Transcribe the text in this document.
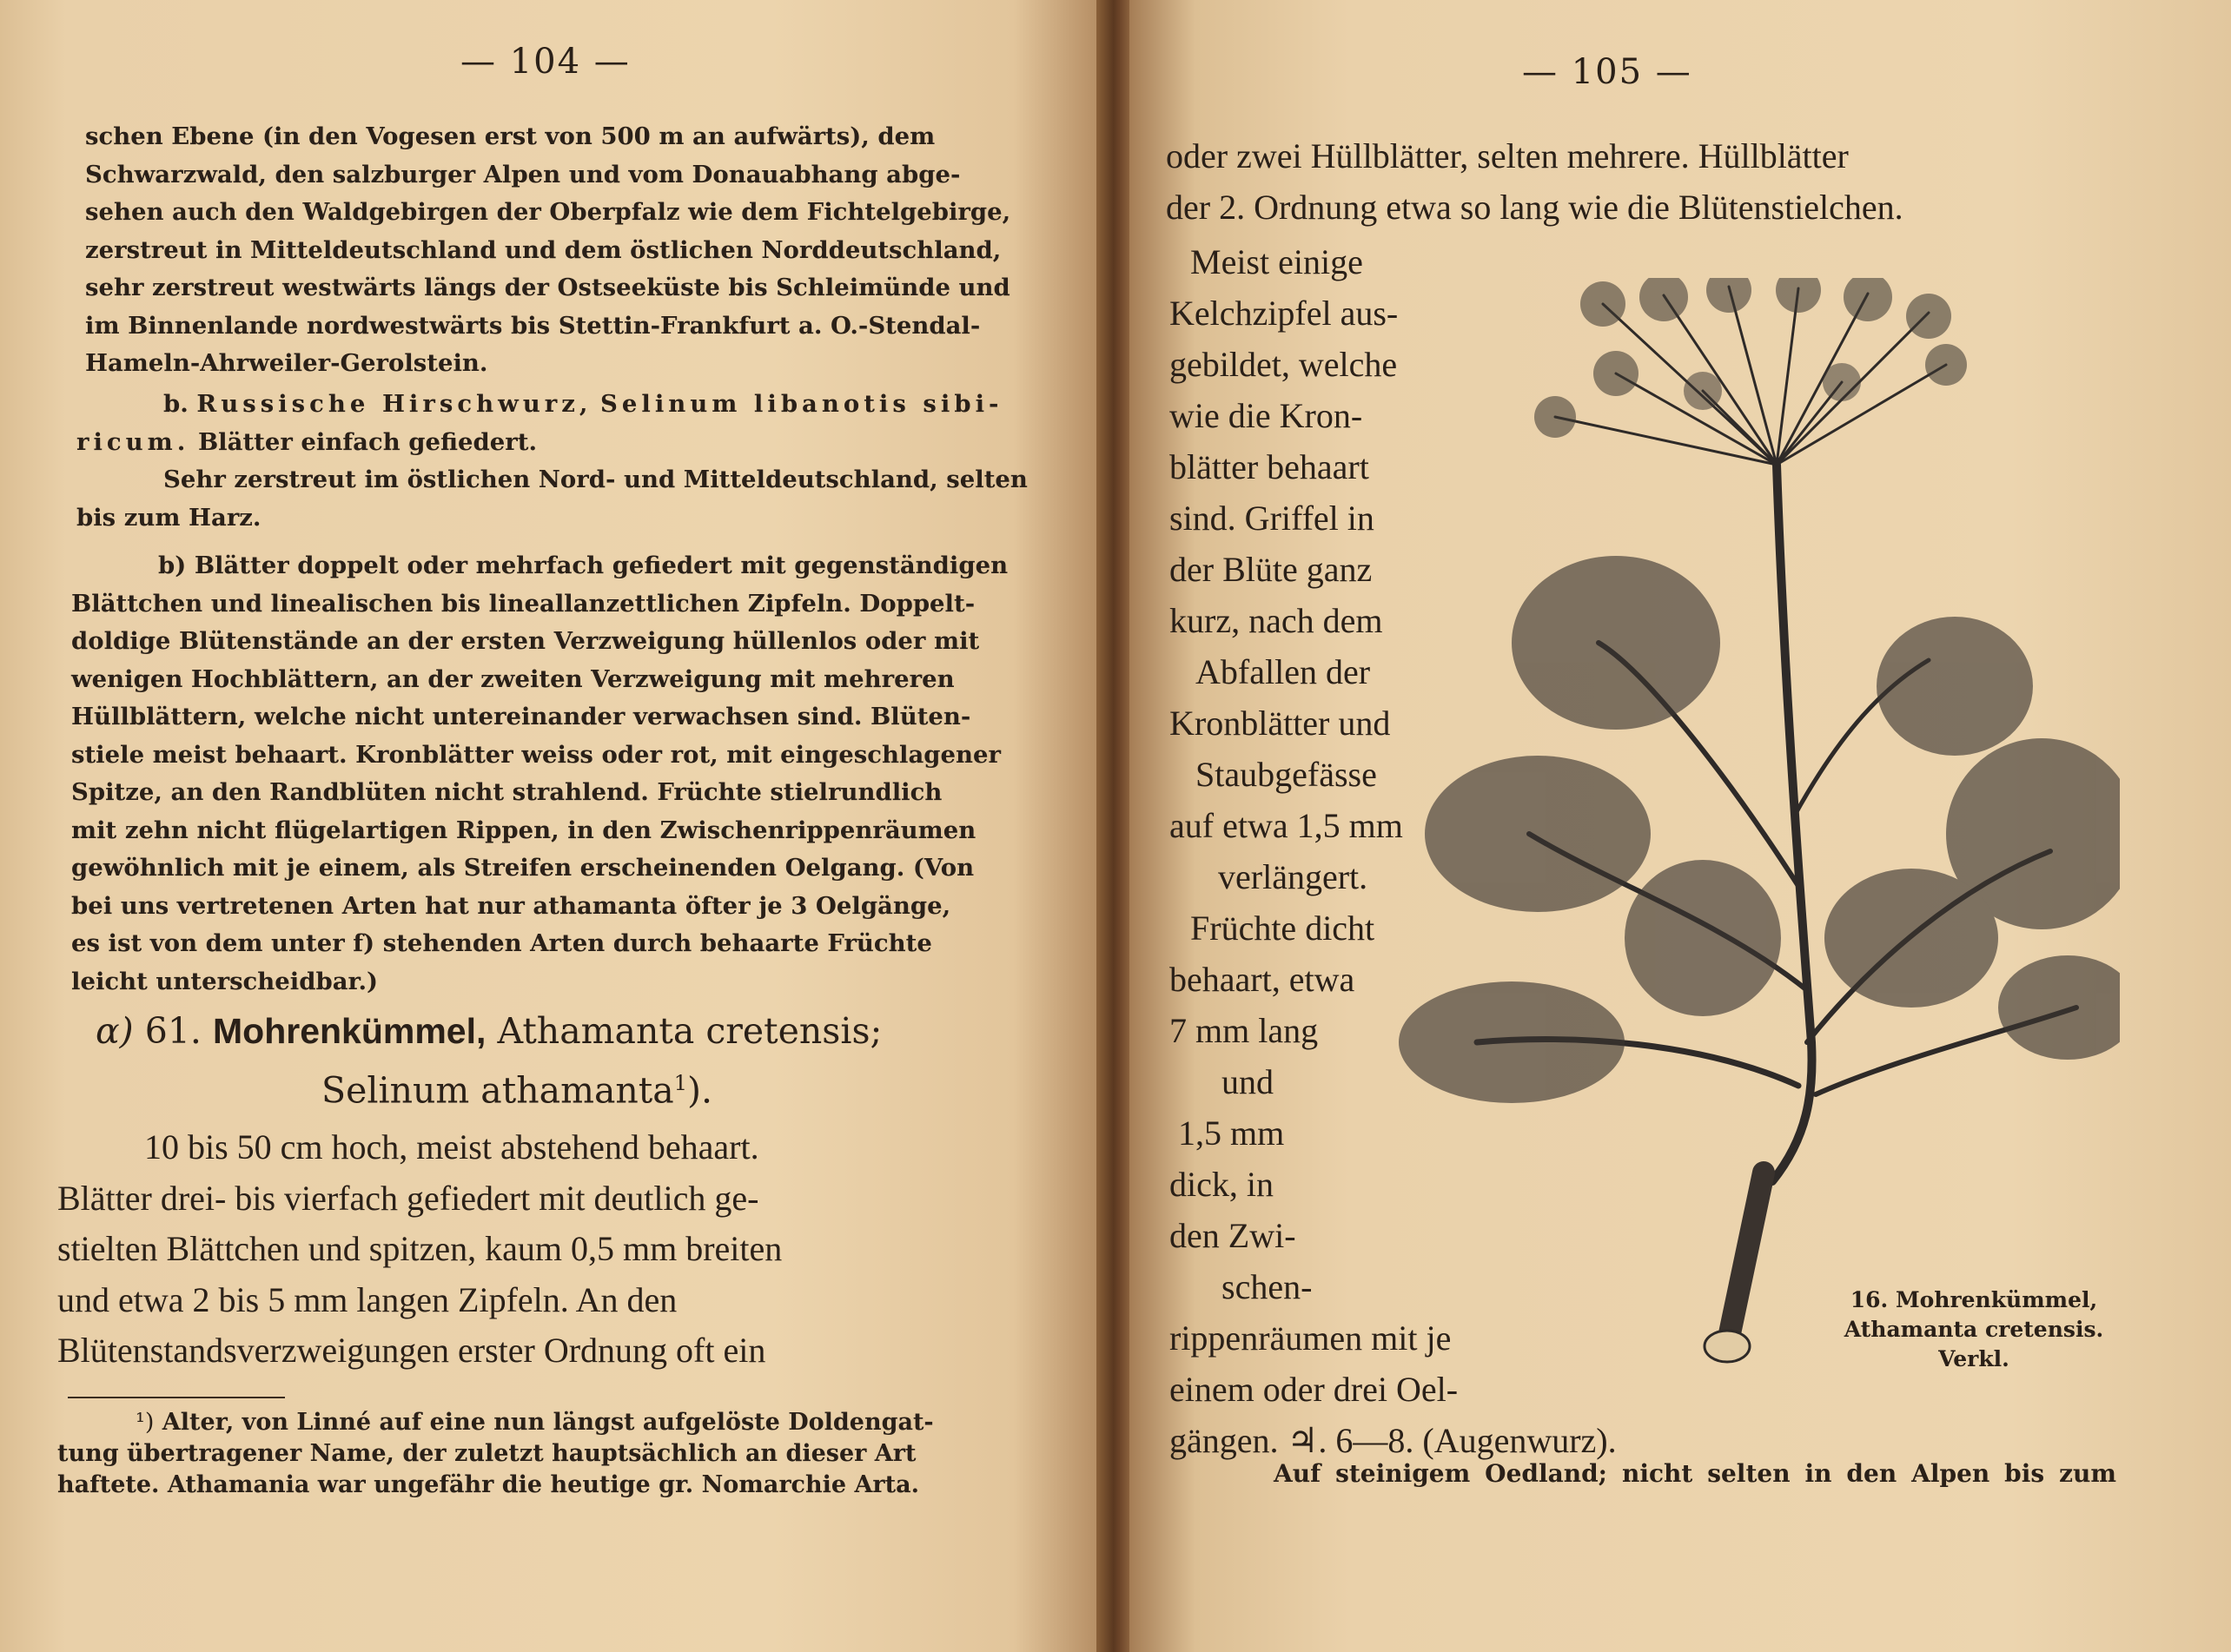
— 104 —
schen Ebene (in den Vogesen erst von 500 m an aufwärts), dem
Schwarzwald, den salzburger Alpen und vom Donauabhang abge-
sehen auch den Waldgebirgen der Oberpfalz wie dem Fichtelgebirge,
zerstreut in Mitteldeutschland und dem östlichen Norddeutschland,
sehr zerstreut westwärts längs der Ostseeküste bis Schleimünde und
im Binnenlande nordwestwärts bis Stettin-Frankfurt a. O.-Stendal-
Hameln-Ahrweiler-Gerolstein.
b. Russische Hirschwurz, Selinum libanotis sibi-
ricum. Blätter einfach gefiedert.
Sehr zerstreut im östlichen Nord- und Mitteldeutschland, selten
bis zum Harz.
b) Blätter doppelt oder mehrfach gefiedert mit gegenständigen
Blättchen und linealischen bis lineallanzettlichen Zipfeln. Doppelt-
doldige Blütenstände an der ersten Verzweigung hüllenlos oder mit
wenigen Hochblättern, an der zweiten Verzweigung mit mehreren
Hüllblättern, welche nicht untereinander verwachsen sind. Blüten-
stiele meist behaart. Kronblätter weiss oder rot, mit eingeschlagener
Spitze, an den Randblüten nicht strahlend. Früchte stielrundlich
mit zehn nicht flügelartigen Rippen, in den Zwischenrippenräumen
gewöhnlich mit je einem, als Streifen erscheinenden Oelgang. (Von
bei uns vertretenen Arten hat nur athamanta öfter je 3 Oelgänge,
es ist von dem unter f) stehenden Arten durch behaarte Früchte
leicht unterscheidbar.)
α) 61. Mohrenkümmel, Athamanta cretensis;
Selinum athamanta$^1$).
10 bis 50 cm hoch, meist abstehend behaart.
Blätter drei- bis vierfach gefiedert mit deutlich ge-
stielten Blättchen und spitzen, kaum 0,5 mm breiten
und etwa 2 bis 5 mm langen Zipfeln. An den
Blütenstandsverzweigungen erster Ordnung oft ein
¹) Alter, von Linné auf eine nun längst aufgelöste Doldengat-
tung übertragener Name, der zuletzt hauptsächlich an dieser Art
haftete. Athamania war ungefähr die heutige gr. Nomarchie Arta.
— 105 —
oder zwei Hüllblätter, selten mehrere. Hüllblätter
der 2. Ordnung etwa so lang wie die Blütenstielchen.
Meist einige
Kelchzipfel aus-
gebildet, welche
wie die Kron-
blätter behaart
sind. Griffel in
der Blüte ganz
kurz, nach dem
Abfallen der
Kronblätter und
Staubgefässe
auf etwa 1,5 mm
verlängert.
Früchte dicht
behaart, etwa
7 mm lang
und
1,5 mm
dick, in
den Zwi-
schen-
rippenräumen mit je
einem oder drei Oel-
gängen. ♃. 6—8. (Augenwurz).
16. Mohrenkümmel,
Athamanta cretensis.
Verkl.
Auf steinigem Oedland; nicht selten in den Alpen bis zum
